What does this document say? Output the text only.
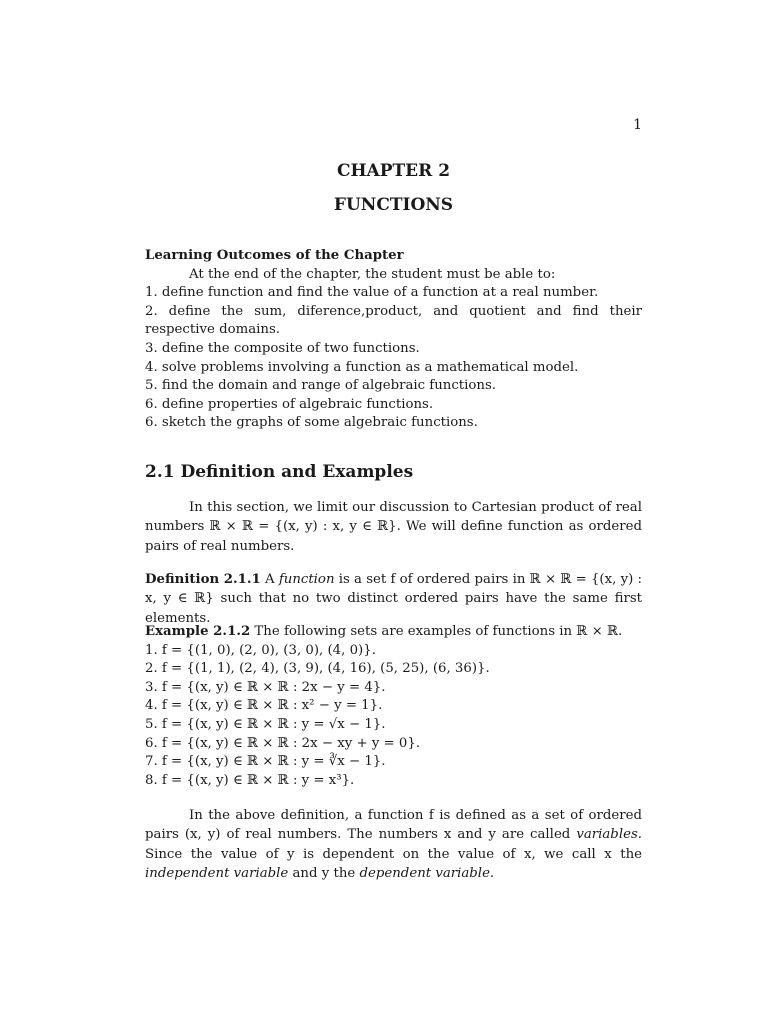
1
CHAPTER 2
FUNCTIONS
Learning Outcomes of the Chapter
At the end of the chapter, the student must be able to:
1. define function and find the value of a function at a real number.
2. define the sum, diference,product, and quotient and find their respective domains.
3. define the composite of two functions.
4. solve problems involving a function as a mathematical model.
5. find the domain and range of algebraic functions.
6. define properties of algebraic functions.
6. sketch the graphs of some algebraic functions.
2.1 Definition and Examples
In this section, we limit our discussion to Cartesian product of real numbers ℝ × ℝ = {(x, y) : x, y ∈ ℝ}. We will define function as ordered pairs of real numbers.
Definition 2.1.1 A function is a set f of ordered pairs in ℝ × ℝ = {(x, y) : x, y ∈ ℝ} such that no two distinct ordered pairs have the same first elements.
Example 2.1.2 The following sets are examples of functions in ℝ × ℝ.
1. f = {(1, 0), (2, 0), (3, 0), (4, 0)}.
2. f = {(1, 1), (2, 4), (3, 9), (4, 16), (5, 25), (6, 36)}.
3. f = {(x, y) ∈ ℝ × ℝ : 2x − y = 4}.
4. f = {(x, y) ∈ ℝ × ℝ : x² − y = 1}.
5. f = {(x, y) ∈ ℝ × ℝ : y = √x − 1}.
6. f = {(x, y) ∈ ℝ × ℝ : 2x − xy + y = 0}.
7. f = {(x, y) ∈ ℝ × ℝ : y = ∛x − 1}.
8. f = {(x, y) ∈ ℝ × ℝ : y = x³}.
In the above definition, a function f is defined as a set of ordered pairs (x, y) of real numbers. The numbers x and y are called variables. Since the value of y is dependent on the value of x, we call x the independent variable and y the dependent variable.
